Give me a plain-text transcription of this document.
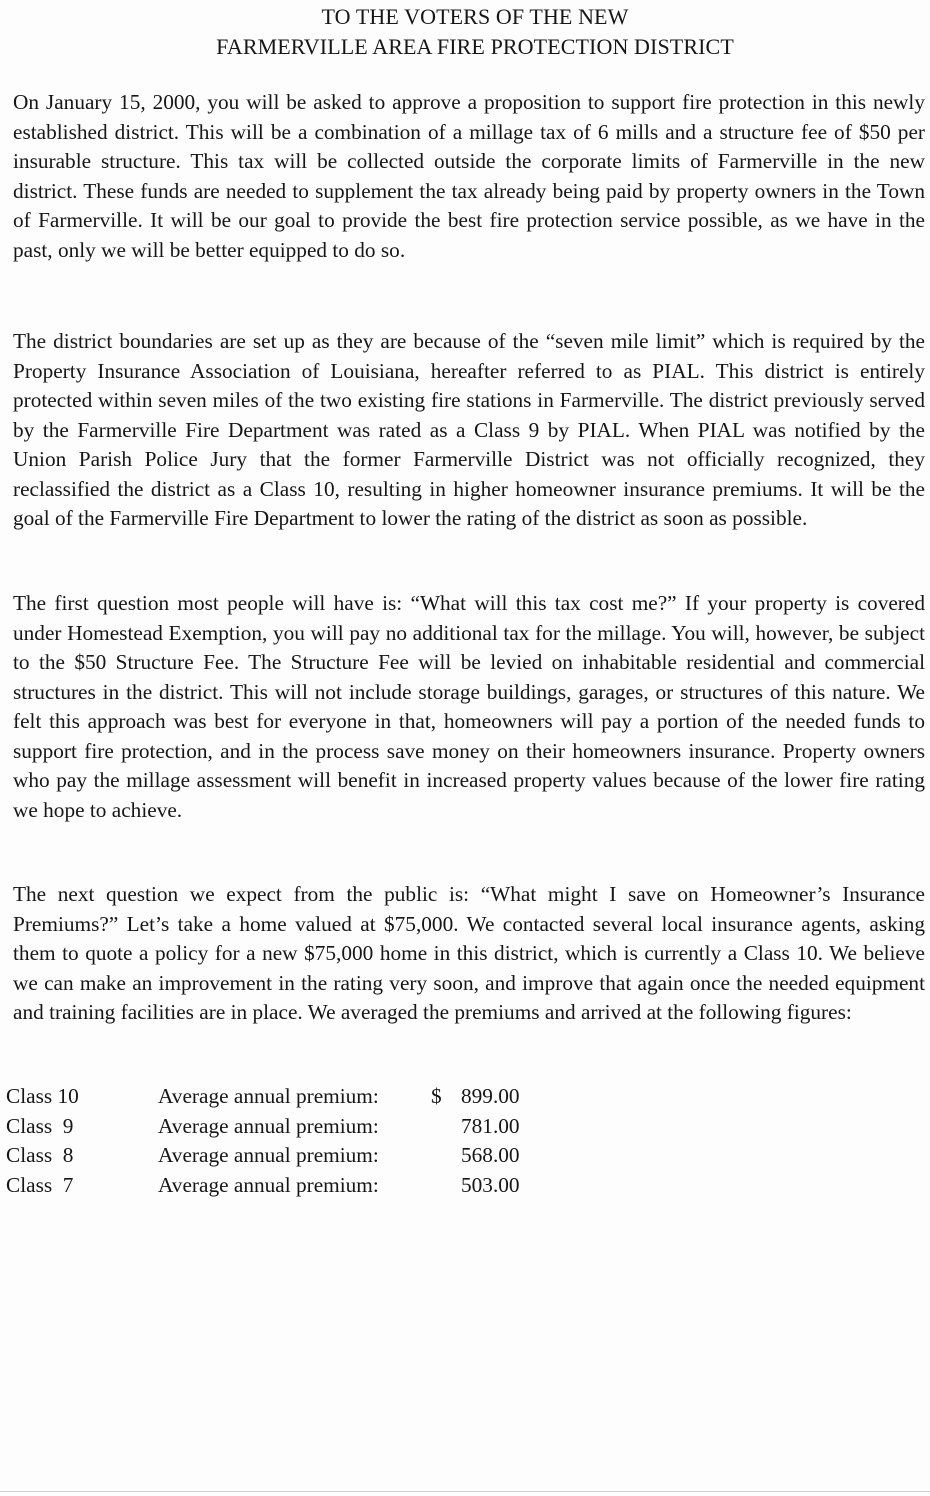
TO THE VOTERS OF THE NEW
FARMERVILLE AREA FIRE PROTECTION DISTRICT

On January 15, 2000, you will be asked to approve a proposition to support fire protection in this newly established district. This will be a combination of a millage tax of 6 mills and a structure fee of $50 per insurable structure. This tax will be collected outside the corporate limits of Farmerville in the new district. These funds are needed to supplement the tax already being paid by property owners in the Town of Farmerville. It will be our goal to provide the best fire protection service possible, as we have in the past, only we will be better equipped to do so.

The district boundaries are set up as they are because of the “seven mile limit” which is required by the Property Insurance Association of Louisiana, hereafter referred to as PIAL. This district is entirely protected within seven miles of the two existing fire stations in Farmerville. The district previously served by the Farmerville Fire Department was rated as a Class 9 by PIAL. When PIAL was notified by the Union Parish Police Jury that the former Farmerville District was not officially recognized, they reclassified the district as a Class 10, resulting in higher homeowner insurance premiums. It will be the goal of the Farmerville Fire Department to lower the rating of the district as soon as possible.

The first question most people will have is: “What will this tax cost me?” If your property is covered under Homestead Exemption, you will pay no additional tax for the millage. You will, however, be subject to the $50 Structure Fee. The Structure Fee will be levied on inhabitable residential and commercial structures in the district. This will not include storage buildings, garages, or structures of this nature. We felt this approach was best for everyone in that, homeowners will pay a portion of the needed funds to support fire protection, and in the process save money on their homeowners insurance. Property owners who pay the millage assessment will benefit in increased property values because of the lower fire rating we hope to achieve.

The next question we expect from the public is: “What might I save on Homeowner’s Insurance Premiums?” Let’s take a home valued at $75,000. We contacted several local insurance agents, asking them to quote a policy for a new $75,000 home in this district, which is currently a Class 10. We believe we can make an improvement in the rating very soon, and improve that again once the needed equipment and training facilities are in place. We averaged the premiums and arrived at the following figures:

Class 10	Average annual premium: $ 899.00
Class  9	Average annual premium:	781.00
Class  8	Average annual premium:	568.00
Class  7	Average annual premium:	503.00
